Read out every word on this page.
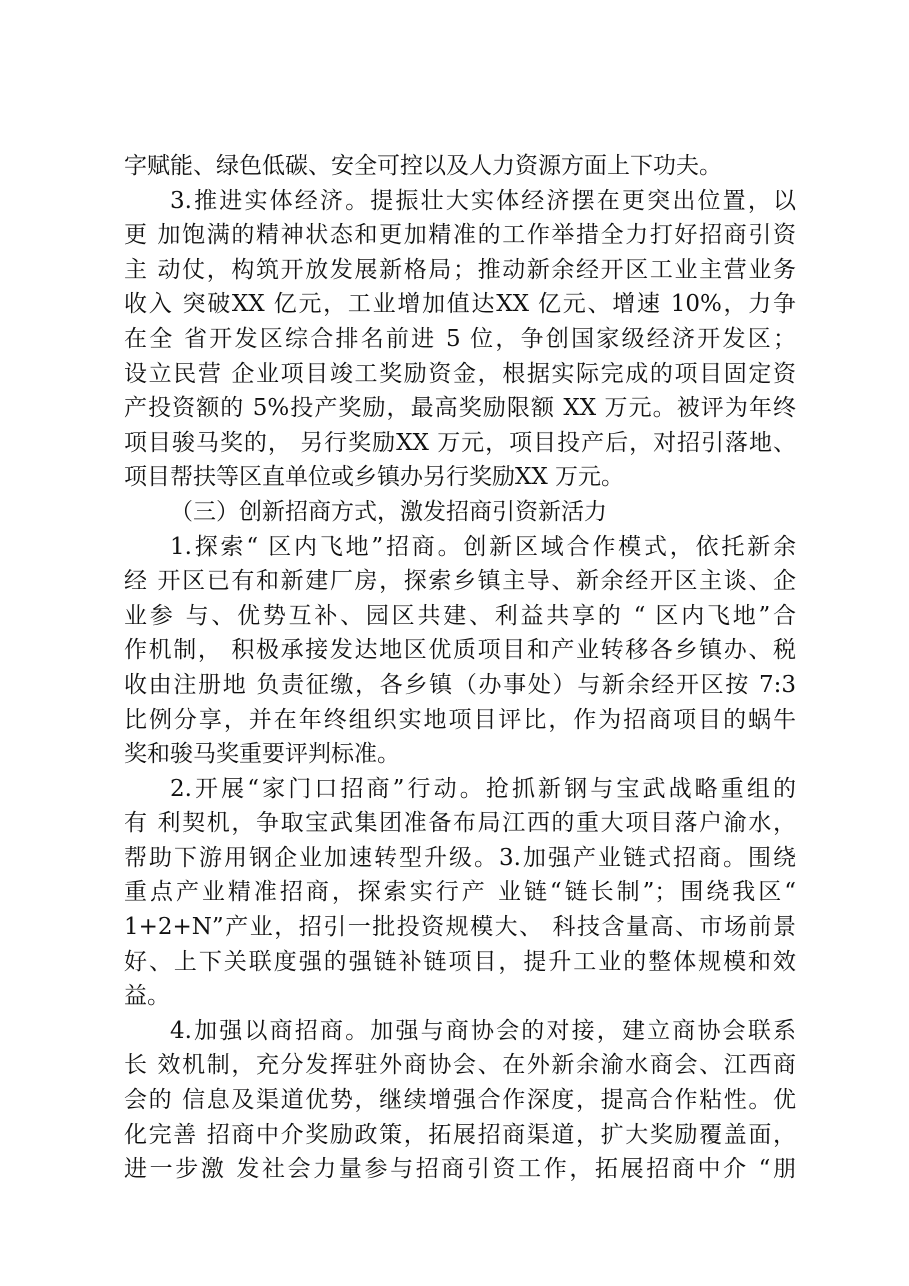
字赋能、绿色低碳、安全可控以及人力资源方面上下功夫。
3.推进实体经济。提振壮大实体经济摆在更突出位置，以
更 加饱满的精神状态和更加精准的工作举措全力打好招商引资
主 动仗，构筑开放发展新格局；推动新余经开区工业主营业务
收入 突破XX 亿元，工业增加值达XX 亿元、增速 10%，力争
在全 省开发区综合排名前进 5 位，争创国家级经济开发区；
设立民营 企业项目竣工奖励资金，根据实际完成的项目固定资
产投资额的 5%投产奖励，最高奖励限额 XX 万元。被评为年终
项目骏马奖的， 另行奖励XX 万元，项目投产后，对招引落地、
项目帮扶等区直单位或乡镇办另行奖励XX 万元。
（三）创新招商方式，激发招商引资新活力
1.探索“ 区内飞地”招商。创新区域合作模式，依托新余
经 开区已有和新建厂房，探索乡镇主导、新余经开区主谈、企
业参 与、优势互补、园区共建、利益共享的 “ 区内飞地”合
作机制， 积极承接发达地区优质项目和产业转移各乡镇办、税
收由注册地 负责征缴，各乡镇（办事处）与新余经开区按 7:3
比例分享，并在年终组织实地项目评比，作为招商项目的蜗牛
奖和骏马奖重要评判标准。
2.开展“家门口招商”行动。抢抓新钢与宝武战略重组的
有 利契机，争取宝武集团准备布局江西的重大项目落户渝水，
帮助下游用钢企业加速转型升级。3.加强产业链式招商。围绕
重点产业精准招商，探索实行产 业链“链长制”；围绕我区“
1+2+N”产业，招引一批投资规模大、 科技含量高、市场前景
好、上下关联度强的强链补链项目，提升工业的整体规模和效
益。
4.加强以商招商。加强与商协会的对接，建立商协会联系
长 效机制，充分发挥驻外商协会、在外新余渝水商会、江西商
会的 信息及渠道优势，继续增强合作深度，提高合作粘性。优
化完善 招商中介奖励政策，拓展招商渠道，扩大奖励覆盖面，
进一步激 发社会力量参与招商引资工作，拓展招商中介 “朋
